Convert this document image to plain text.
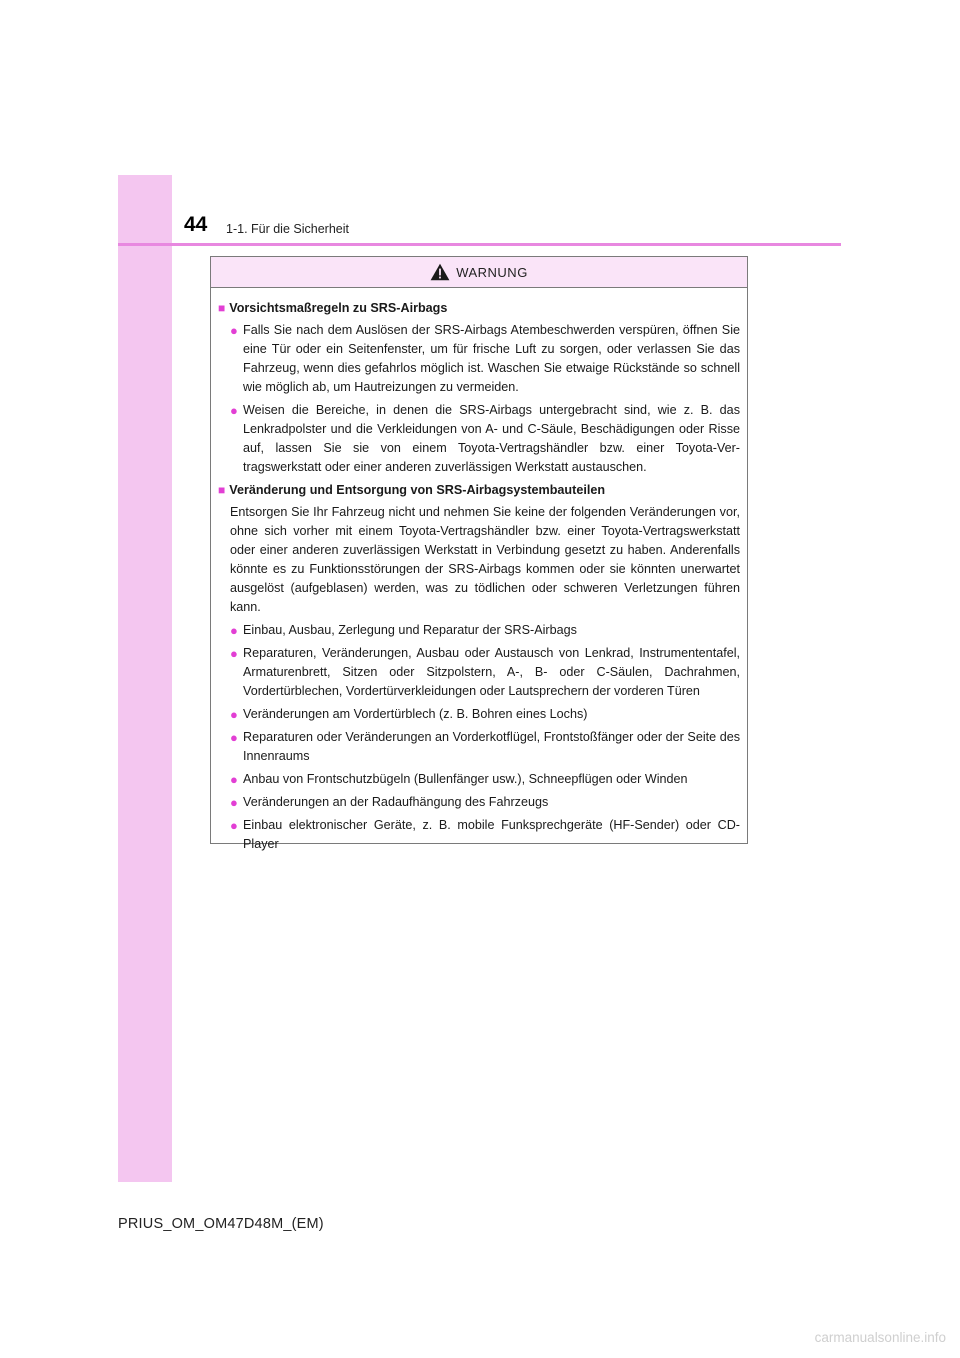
44 1-1. Für die Sicherheit
WARNUNG
■ Vorsichtsmaßregeln zu SRS-Airbags
● Falls Sie nach dem Auslösen der SRS-Airbags Atembeschwerden verspüren, öffnen Sie eine Tür oder ein Seitenfenster, um für frische Luft zu sorgen, oder verlassen Sie das Fahrzeug, wenn dies gefahrlos möglich ist. Waschen Sie etwaige Rückstände so schnell wie möglich ab, um Hautreizungen zu vermeiden.
● Weisen die Bereiche, in denen die SRS-Airbags untergebracht sind, wie z. B. das Lenkradpolster und die Verkleidungen von A- und C-Säule, Beschädigungen oder Risse auf, lassen Sie sie von einem Toyota-Vertragshändler bzw. einer Toyota-Vertragswerkstatt oder einer anderen zuverlässigen Werkstatt austauschen.
■ Veränderung und Entsorgung von SRS-Airbagsystembauteilen
Entsorgen Sie Ihr Fahrzeug nicht und nehmen Sie keine der folgenden Veränderungen vor, ohne sich vorher mit einem Toyota-Vertragshändler bzw. einer Toyota-Vertragswerkstatt oder einer anderen zuverlässigen Werkstatt in Verbindung gesetzt zu haben. Anderenfalls könnte es zu Funktionsstörungen der SRS-Airbags kommen oder sie könnten unerwartet ausgelöst (aufgeblasen) werden, was zu tödlichen oder schweren Verletzungen führen kann.
● Einbau, Ausbau, Zerlegung und Reparatur der SRS-Airbags
● Reparaturen, Veränderungen, Ausbau oder Austausch von Lenkrad, Instrumententafel, Armaturenbrett, Sitzen oder Sitzpolstern, A-, B- oder C-Säulen, Dachrahmen, Vordertürblechen, Vordertürverkleidungen oder Lautsprechern der vorderen Türen
● Veränderungen am Vordertürblech (z. B. Bohren eines Lochs)
● Reparaturen oder Veränderungen an Vorderkotflügel, Frontstoßfänger oder der Seite des Innenraums
● Anbau von Frontschutzbügeln (Bullenfänger usw.), Schneepflügen oder Winden
● Veränderungen an der Radaufhängung des Fahrzeugs
● Einbau elektronischer Geräte, z. B. mobile Funksprechgeräte (HF-Sender) oder CD-Player
PRIUS_OM_OM47D48M_(EM)
carmanualsonline.info
